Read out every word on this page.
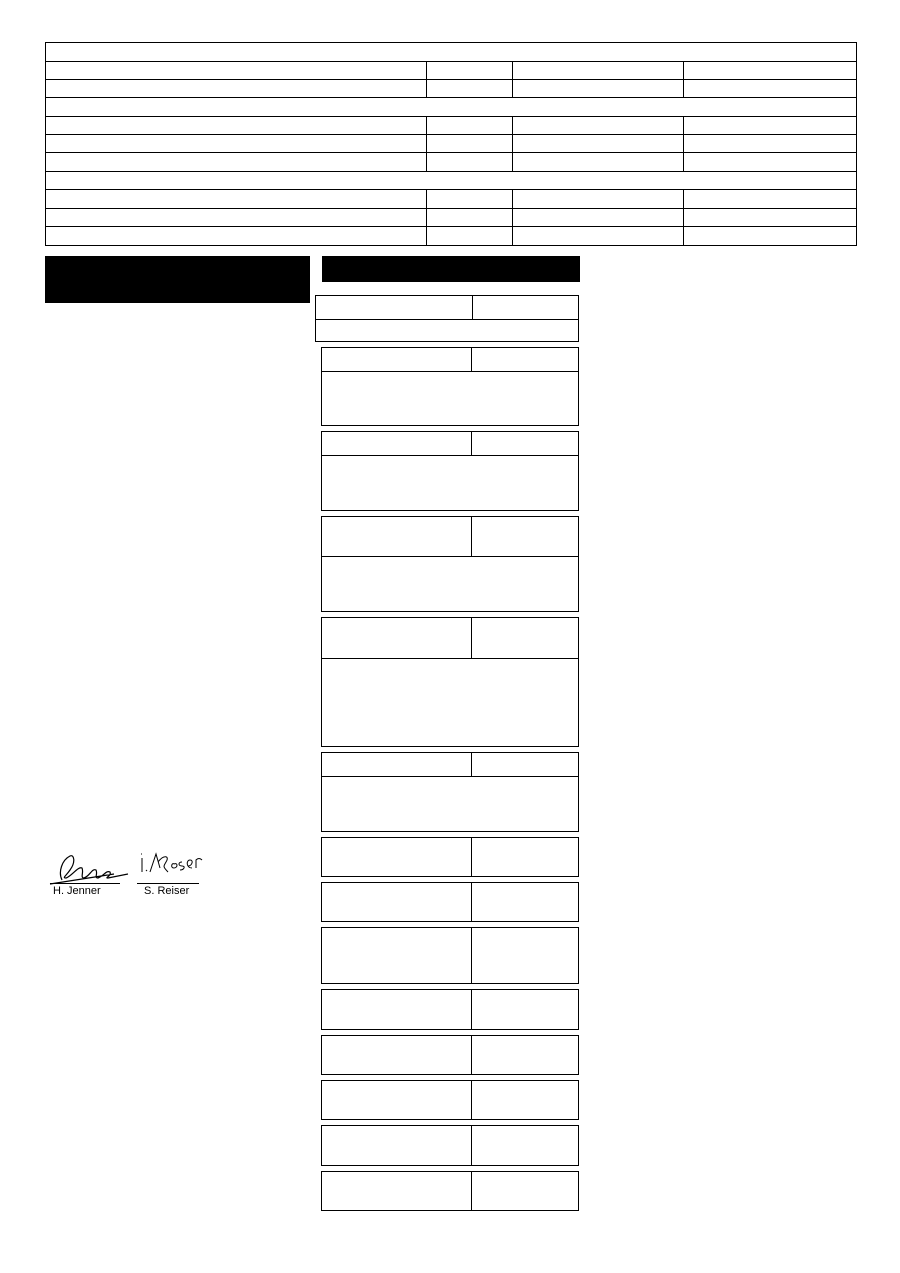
H. Jenner	S. Reiser
